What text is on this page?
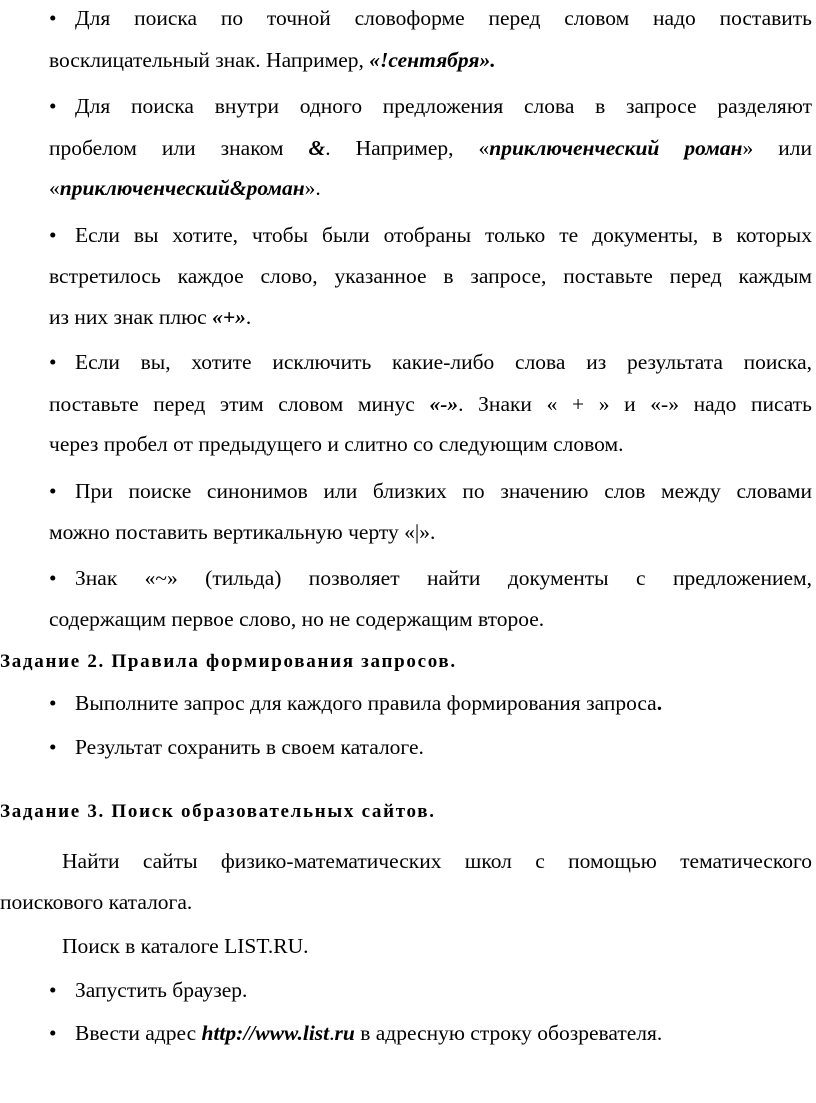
• Для поиска по точной словоформе перед словом надо поставить
восклицательный знак. Например, «!сентября».
• Для поиска внутри одного предложения слова в запросе разделяют
пробелом или знаком &. Например, «приключенческий роман» или
«приключенческий&роман».
• Если вы хотите, чтобы были отобраны только те документы, в которых
встретилось каждое слово, указанное в запросе, поставьте перед каждым
из них знак плюс «+».
• Если вы, хотите исключить какие-либо слова из результата поиска,
поставьте перед этим словом минус «-». Знаки « + » и «-» надо писать
через пробел от предыдущего и слитно со следующим словом.
• При поиске синонимов или близких по значению слов между словами
можно поставить вертикальную черту «|».
• Знак «~» (тильда) позволяет найти документы с предложением,
содержащим первое слово, но не содержащим второе.
Задание 2. Правила формирования запросов.
• Выполните запрос для каждого правила формирования запроса.
• Результат сохранить в своем каталоге.
Задание 3. Поиск образовательных сайтов.
Найти сайты физико-математических школ с помощью тематического
поискового каталога.
Поиск в каталоге LIST.RU.
• Запустить браузер.
• Ввести адрес http://www.list.ru в адресную строку обозревателя.
